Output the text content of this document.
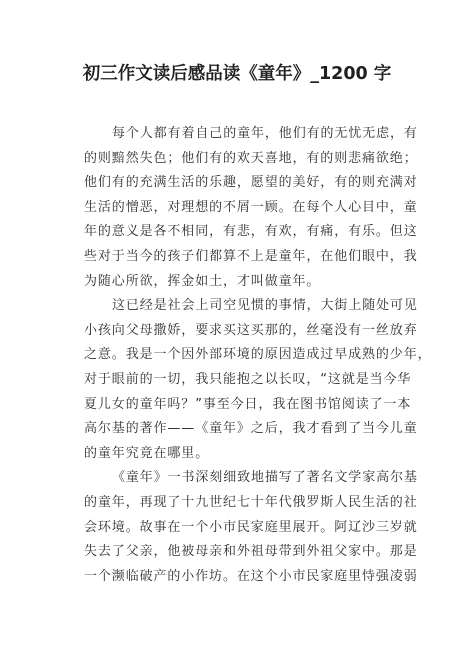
初三作文读后感品读《童年》_1200 字
每个人都有着自己的童年，他们有的无忧无虑，有
的则黯然失色；他们有的欢天喜地，有的则悲痛欲绝；
他们有的充满生活的乐趣，愿望的美好，有的则充满对
生活的憎恶，对理想的不屑一顾。在每个人心目中，童
年的意义是各不相同，有悲，有欢，有痛，有乐。但这
些对于当今的孩子们都算不上是童年，在他们眼中，我
为随心所欲，挥金如土，才叫做童年。
这已经是社会上司空见惯的事情，大街上随处可见
小孩向父母撒娇，要求买这买那的，丝毫没有一丝放弃
之意。我是一个因外部环境的原因造成过早成熟的少年，
对于眼前的一切，我只能抱之以长叹，“这就是当今华
夏儿女的童年吗？”事至今日，我在图书馆阅读了一本
高尔基的著作——《童年》之后，我才看到了当今儿童
的童年究竟在哪里。
《童年》一书深刻细致地描写了著名文学家高尔基
的童年，再现了十九世纪七十年代俄罗斯人民生活的社
会环境。故事在一个小市民家庭里展开。阿辽沙三岁就
失去了父亲，他被母亲和外祖母带到外祖父家中。那是
一个濒临破产的小作坊。在这个小市民家庭里恃强凌弱
